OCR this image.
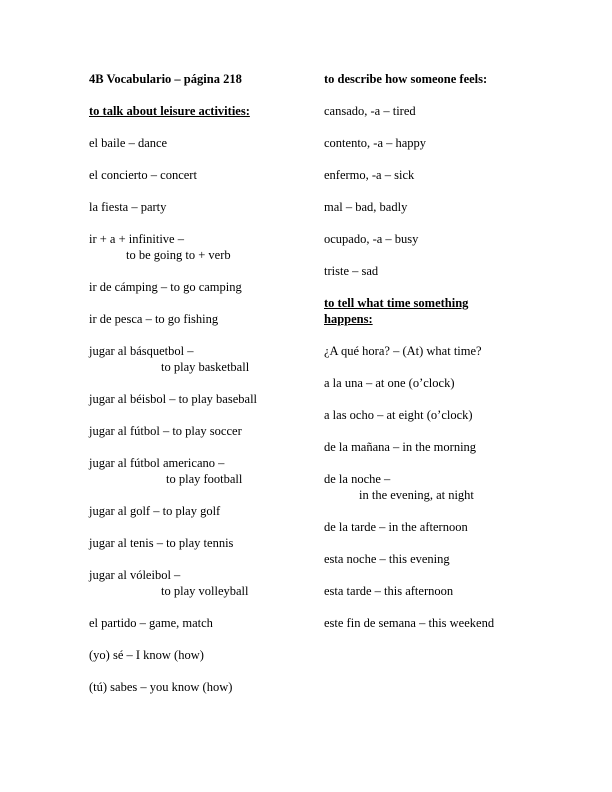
4B Vocabulario – página 218
to talk about leisure activities:
el baile – dance
el concierto – concert
la fiesta – party
ir + a + infinitive –
to be going to + verb
ir de cámping – to go camping
ir de pesca – to go fishing
jugar al básquetbol –
to play basketball
jugar al béisbol – to play baseball
jugar al fútbol – to play soccer
jugar al fútbol americano –
to play football
jugar al golf – to play golf
jugar al tenis – to play tennis
jugar al vóleibol –
to play volleyball
el partido – game, match
(yo) sé – I know (how)
(tú) sabes – you know (how)
to describe how someone feels:
cansado, -a – tired
contento, -a – happy
enfermo, -a – sick
mal – bad, badly
ocupado, -a – busy
triste – sad
to tell what time something
happens:
¿A qué hora? – (At) what time?
a la una – at one (o’clock)
a las ocho – at eight (o’clock)
de la mañana – in the morning
de la noche –
in the evening, at night
de la tarde – in the afternoon
esta noche – this evening
esta tarde – this afternoon
este fin de semana – this weekend
